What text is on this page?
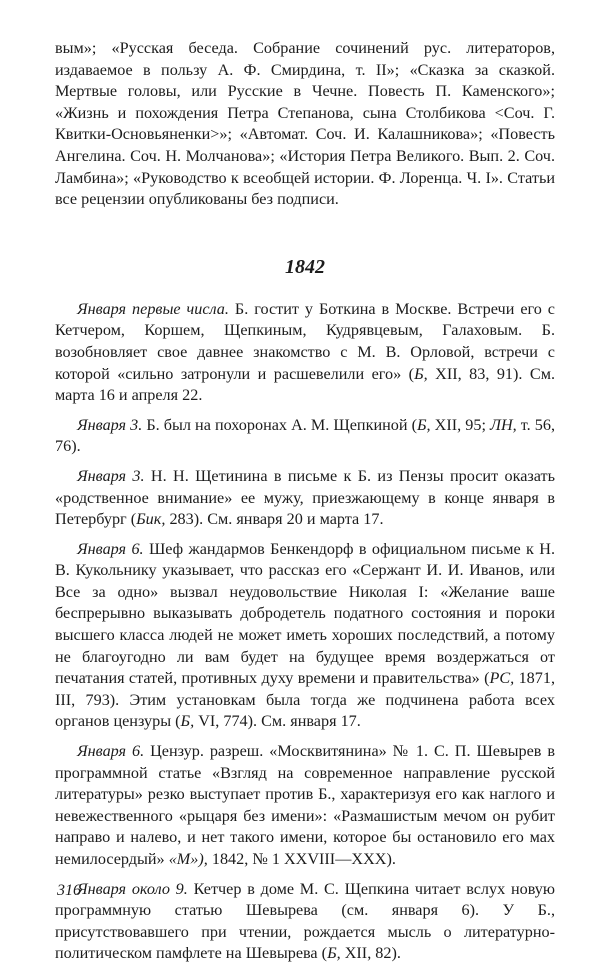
вым»; «Русская беседа. Собрание сочинений рус. литераторов, издаваемое в пользу А. Ф. Смирдина, т. II»; «Сказка за сказкой. Мертвые головы, или Русские в Чечне. Повесть П. Каменского»; «Жизнь и похождения Петра Степанова, сына Столбикова <Соч. Г. Квитки-Основьяненки>»; «Автомат. Соч. И. Калашникова»; «Повесть Ангелина. Соч. Н. Молчанова»; «История Петра Великого. Вып. 2. Соч. Ламбина»; «Руководство к всеобщей истории. Ф. Лоренца. Ч. I». Статьи все рецензии опубликованы без подписи.

1842

Января первые числа. Б. гостит у Боткина в Москве. Встречи его с Кетчером, Коршем, Щепкиным, Кудрявцевым, Галаховым. Б. возобновляет свое давнее знакомство с М. В. Орловой, встречи с которой «сильно затронули и расшевелили его» (Б, XII, 83, 91). См. марта 16 и апреля 22.

Января 3. Б. был на похоронах А. М. Щепкиной (Б, XII, 95; ЛН, т. 56, 76).

Января 3. Н. Н. Щетинина в письме к Б. из Пензы просит оказать «родственное внимание» ее мужу, приезжающему в конце января в Петербург (Бик, 283). См. января 20 и марта 17.

Января 6. Шеф жандармов Бенкендорф в официальном письме к Н. В. Кукольнику указывает, что рассказ его «Сержант И. И. Иванов, или Все за одно» вызвал неудовольствие Николая I: «Желание ваше беспрерывно выказывать добродетель податного состояния и пороки высшего класса людей не может иметь хороших последствий, а потому не благоугодно ли вам будет на будущее время воздержаться от печатания статей, противных духу времени и правительства» (РС, 1871, III, 793). Этим установкам была тогда же подчинена работа всех органов цензуры (Б, VI, 774). См. января 17.

Января 6. Цензур. разреш. «Москвитянина» № 1. С. П. Шевырев в программной статье «Взгляд на современное направление русской литературы» резко выступает против Б., характеризуя его как наглого и невежественного «рыцаря без имени»: «Размашистым мечом он рубит направо и налево, и нет такого имени, которое бы остановило его мах немилосердый» «М»), 1842, № 1 XXVIII—XXX).

Января около 9. Кетчер в доме М. С. Щепкина читает вслух новую программную статью Шевырева (см. января 6). У Б., присутствовавшего при чтении, рождается мысль о литературно-политическом памфлете на Шевырева (Б, XII, 82).

316
